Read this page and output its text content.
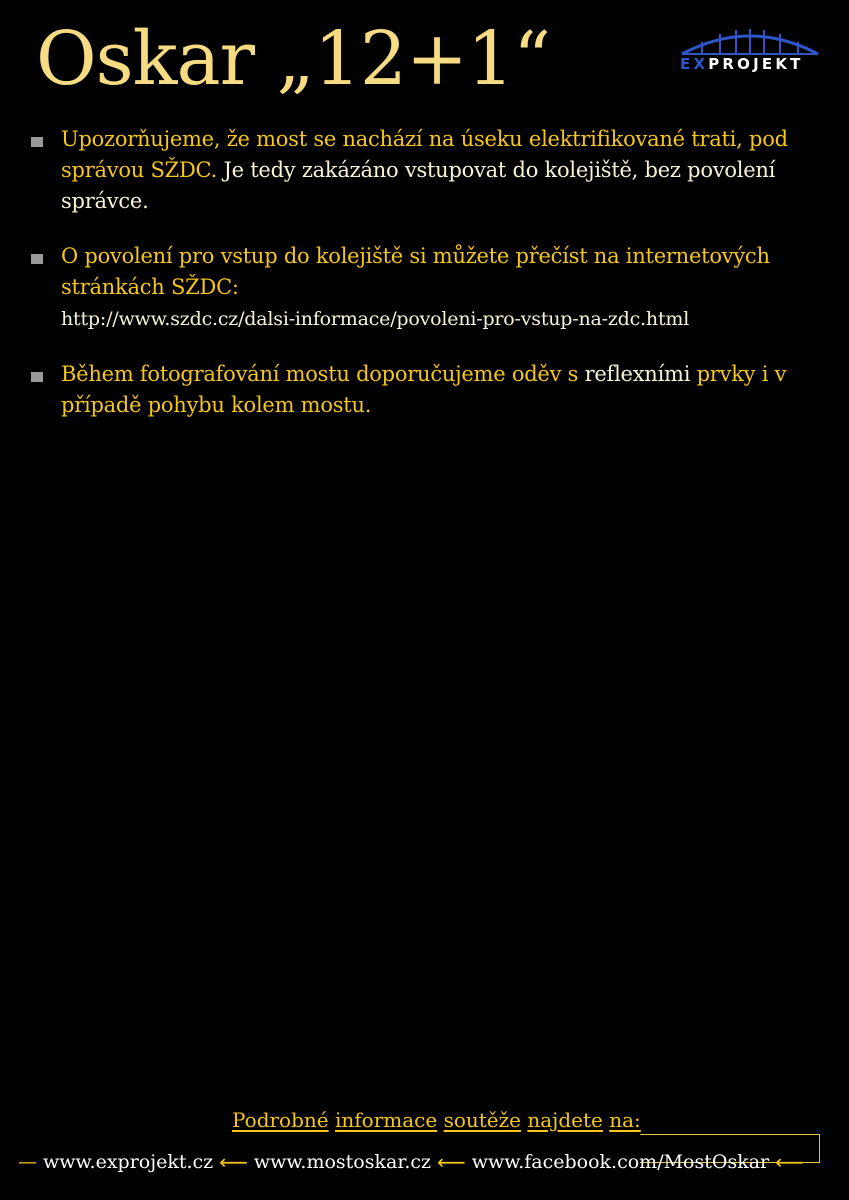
Oskar „12+1“	EXPROJEKT
Upozorňujeme, že most se nachází na úseku elektrifikované trati, pod správou SŽDC. Je tedy zakázáno vstupovat do kolejiště, bez povolení správce.
O povolení pro vstup do kolejiště si můžete přečíst na internetových stránkách SŽDC:
http://www.szdc.cz/dalsi-informace/povoleni-pro-vstup-na-zdc.html
Během fotografování mostu doporučujeme oděv s reflexními prvky i v případě pohybu kolem mostu.
Podrobné informace soutěže najdete na:
— www.exprojekt.cz ⟵ www.mostoskar.cz ⟵ www.facebook.com/MostOskar ⟵
